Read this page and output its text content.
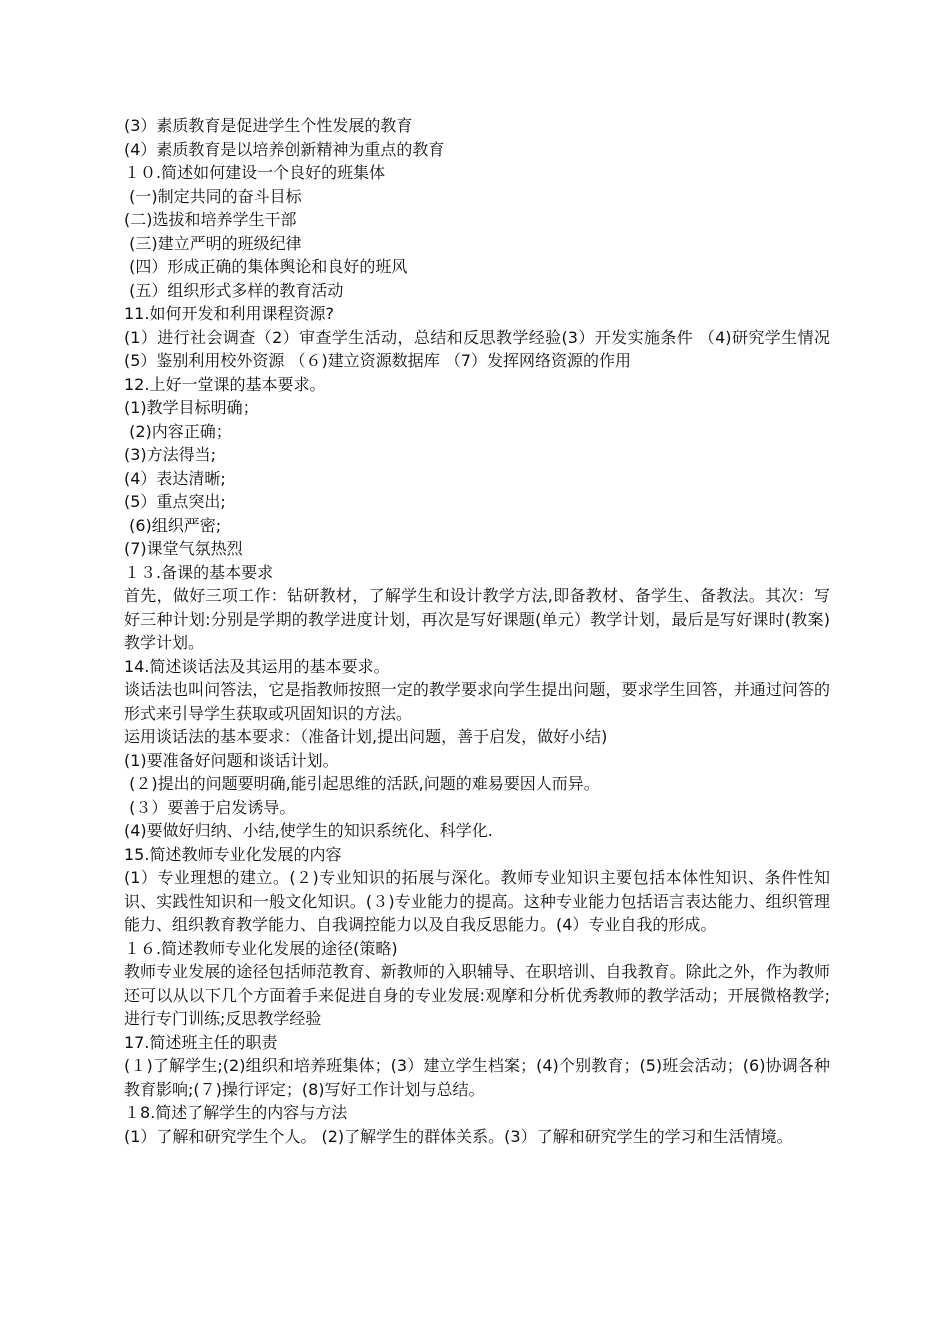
(3）素质教育是促进学生个性发展的教育

(4）素质教育是以培养创新精神为重点的教育

１０.简述如何建设一个良好的班集体

(一)制定共同的奋斗目标

(二)选拔和培养学生干部

(三)建立严明的班级纪律

(四）形成正确的集体舆论和良好的班风

(五）组织形式多样的教育活动

11.如何开发和利用课程资源?

(1）进行社会调查（2）审查学生活动，总结和反思教学经验(3）开发实施条件 （4)研究学生情况 (5）鉴别利用校外资源 （６)建立资源数据库 （7）发挥网络资源的作用

12.上好一堂课的基本要求。

(1)教学目标明确；

(2)内容正确；

(3)方法得当;

(4）表达清晰;

(5）重点突出;

(6)组织严密;

(7)课堂气氛热烈

１３.备课的基本要求

首先，做好三项工作：钻研教材，了解学生和设计教学方法,即备教材、备学生、备教法。其次：写好三种计划:分别是学期的教学进度计划，再次是写好课题(单元）教学计划，最后是写好课时(教案)教学计划。

14.简述谈话法及其运用的基本要求。

谈话法也叫问答法，它是指教师按照一定的教学要求向学生提出问题，要求学生回答，并通过问答的形式来引导学生获取或巩固知识的方法。

运用谈话法的基本要求：（准备计划,提出问题，善于启发，做好小结)

(1)要准备好问题和谈话计划。

(２)提出的问题要明确,能引起思维的活跃,问题的难易要因人而异。

(３）要善于启发诱导。

(4)要做好归纳、小结,使学生的知识系统化、科学化.

15.简述教师专业化发展的内容

(1）专业理想的建立。(２)专业知识的拓展与深化。教师专业知识主要包括本体性知识、条件性知识、实践性知识和一般文化知识。(３)专业能力的提高。这种专业能力包括语言表达能力、组织管理能力、组织教育教学能力、自我调控能力以及自我反思能力。(4）专业自我的形成。

１６.简述教师专业化发展的途径(策略)

教师专业发展的途径包括师范教育、新教师的入职辅导、在职培训、自我教育。除此之外，作为教师还可以从以下几个方面着手来促进自身的专业发展:观摩和分析优秀教师的教学活动；开展微格教学;进行专门训练;反思教学经验

17.简述班主任的职责

(１)了解学生;(2)组织和培养班集体；(3）建立学生档案；(4)个别教育；(5)班会活动；(6)协调各种教育影响;(７)操行评定；(8)写好工作计划与总结。

１8.简述了解学生的内容与方法

(1）了解和研究学生个人。 (2)了解学生的群体关系。(3）了解和研究学生的学习和生活情境。
